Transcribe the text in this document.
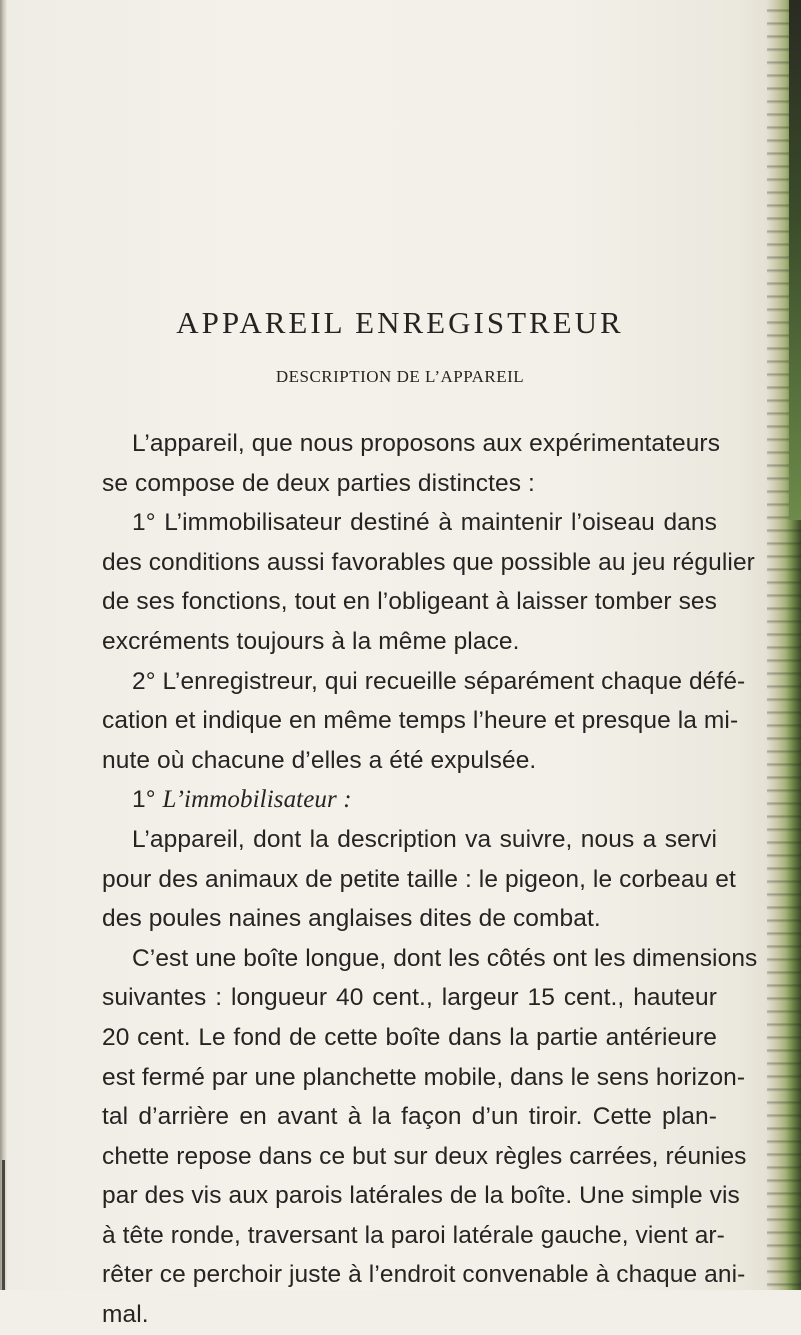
APPAREIL ENREGISTREUR
DESCRIPTION DE L’APPAREIL
L’appareil, que nous proposons aux expérimentateurs
se compose de deux parties distinctes :
1° L’immobilisateur destiné à maintenir l’oiseau dans
des conditions aussi favorables que possible au jeu régulier
de ses fonctions, tout en l’obligeant à laisser tomber ses
excréments toujours à la même place.
2° L’enregistreur, qui recueille séparément chaque défé-
cation et indique en même temps l’heure et presque la mi-
nute où chacune d’elles a été expulsée.
1° L’immobilisateur :
L’appareil, dont la description va suivre, nous a servi
pour des animaux de petite taille : le pigeon, le corbeau et
des poules naines anglaises dites de combat.
C’est une boîte longue, dont les côtés ont les dimensions
suivantes : longueur 40 cent., largeur 15 cent., hauteur
20 cent. Le fond de cette boîte dans la partie antérieure
est fermé par une planchette mobile, dans le sens horizon-
tal d’arrière en avant à la façon d’un tiroir. Cette plan-
chette repose dans ce but sur deux règles carrées, réunies
par des vis aux parois latérales de la boîte. Une simple vis
à tête ronde, traversant la paroi latérale gauche, vient ar-
rêter ce perchoir juste à l’endroit convenable à chaque ani-
mal.
